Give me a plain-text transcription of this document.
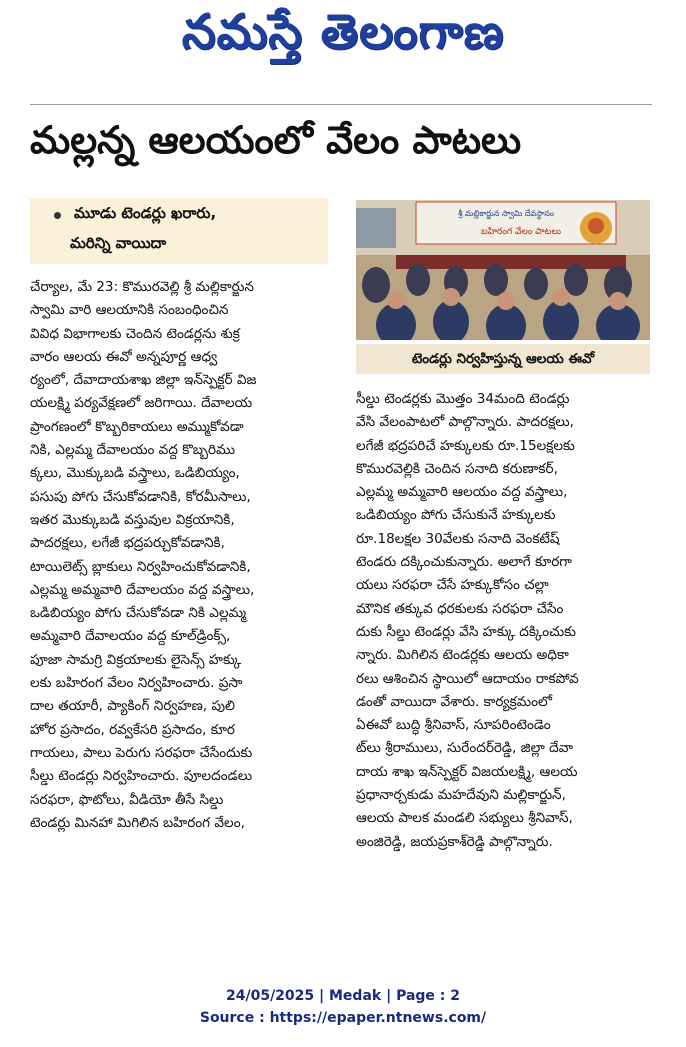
నమస్తే తెలంగాణ
మల్లన్న ఆలయంలో వేలం పాటలు
మూడు టెండర్లు ఖరారు,
మరిన్ని వాయిదా
చేర్యాల, మే 23: కొమురవెల్లి శ్రీ మల్లికార్జున
స్వామి వారి ఆలయానికి సంబంధించిన
వివిధ విభాగాలకు చెందిన టెండర్లను శుక్ర
వారం ఆలయ ఈవో అన్నపూర్ణ ఆధ్వ
ర్యంలో, దేవాదాయశాఖ జిల్లా ఇన్‌స్పెక్టర్ విజ
యలక్ష్మి పర్యవేక్షణలో జరిగాయి. దేవాలయ
ప్రాంగణంలో కొబ్బరికాయలు అమ్ముకోవడా
నికి, ఎల్లమ్మ దేవాలయం వద్ద కొబ్బరిము
క్కలు, మొక్కుబడి వస్త్రాలు, ఒడిబియ్యం,
పసుపు పోగు చేసుకోవడానికి, కోరమీసాలు,
ఇతర మొక్కుబడి వస్తువుల విక్రయానికి,
పాదరక్షలు, లగేజీ భద్రపర్చుకోవడానికి,
టాయిలెట్స్ బ్లాకులు నిర్వహించుకోవడానికి,
ఎల్లమ్మ అమ్మవారి దేవాలయం వద్ద వస్త్రాలు,
ఒడిబియ్యం పోగు చేసుకోవడా నికి ఎల్లమ్మ
అమ్మవారి దేవాలయం వద్ద కూల్‌డ్రింక్స్,
పూజా సామగ్రి విక్రయాలకు లైసెన్స్ హక్కు
లకు బహిరంగ వేలం నిర్వహించారు. ప్రసా
దాల తయారీ, ప్యాకింగ్ నిర్వహణ, పులి
హోర ప్రసాదం, రవ్వకేసరి ప్రసాదం, కూర
గాయలు, పాలు పెరుగు సరఫరా చేసేందుకు
సీల్డు టెండర్లు నిర్వహించారు. పూలదండలు
సరఫరా, ఫొటోలు, వీడియో తీసే సిల్డు
టెండర్లు మినహా మిగిలిన బహిరంగ వేలం,
శ్రీ మల్లికార్జున స్వామి దేవస్థానం
బహిరంగ వేలం పాటలు
టెండర్లు నిర్వహిస్తున్న ఆలయ ఈవో
సీల్డు టెండర్లకు మొత్తం 34మంది టెండర్లు
వేసి వేలంపాటలో పాల్గొన్నారు. పాదరక్షలు,
లగేజీ భద్రపరిచే హక్కులకు రూ.15లక్షలకు
కొమురవెల్లికి చెందిన సనాది కరుణాకర్,
ఎల్లమ్మ అమ్మవారి ఆలయం వద్ద వస్త్రాలు,
ఒడిబియ్యం పోగు చేసుకునే హక్కులకు
రూ.18లక్షల 30వేలకు సనాది వెంకటేష్
టెండరు దక్కించుకున్నారు. అలాగే కూరగా
యలు సరఫరా చేసే హక్కుకోసం చల్లా
మౌనిక తక్కువ ధరకులకు సరఫరా చేసేం
దుకు సీల్డు టెండర్లు వేసి హక్కు దక్కించుకు
న్నారు. మిగిలిన టెండర్లకు ఆలయ అధికా
రలు ఆశించిన స్థాయిలో ఆదాయం రాకపోవ
డంతో వాయిదా వేశారు. కార్యక్రమంలో
ఏఈవో బుద్ధి శ్రీనివాస్, సూపరింటెండెం
ట్‌లు శ్రీరాములు, సురేందర్‌రెడ్డి, జిల్లా దేవా
దాయ శాఖ ఇన్‌స్పెక్టర్ విజయలక్ష్మి, ఆలయ
ప్రధానార్చకుడు మహదేవుని మల్లికార్జున్,
ఆలయ పాలక మండలి సభ్యులు శ్రీనివాస్,
అంజిరెడ్డి, జయప్రకాశ్‌రెడ్డి పాల్గొన్నారు.
24/05/2025 | Medak | Page : 2
Source : https://epaper.ntnews.com/
